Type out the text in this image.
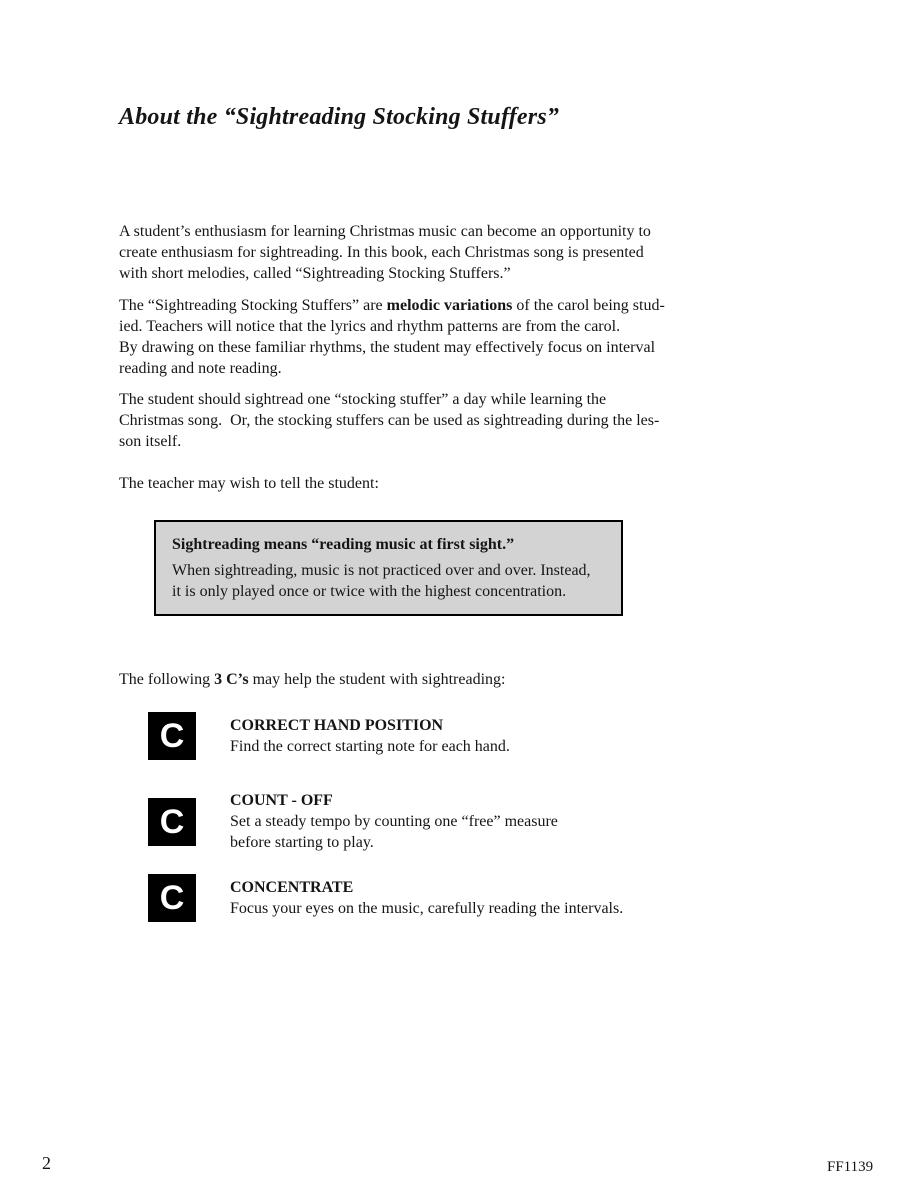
About the “Sightreading Stocking Stuffers”
A student’s enthusiasm for learning Christmas music can become an opportunity to
create enthusiasm for sightreading. In this book, each Christmas song is presented
with short melodies, called “Sightreading Stocking Stuffers.”
The “Sightreading Stocking Stuffers” are melodic variations of the carol being stud-
ied. Teachers will notice that the lyrics and rhythm patterns are from the carol.
By drawing on these familiar rhythms, the student may effectively focus on interval
reading and note reading.
The student should sightread one “stocking stuffer” a day while learning the
Christmas song.  Or, the stocking stuffers can be used as sightreading during the les-
son itself.
The teacher may wish to tell the student:
Sightreading means “reading music at first sight.”
When sightreading, music is not practiced over and over. Instead,
it is only played once or twice with the highest concentration.
The following 3 C’s may help the student with sightreading:
C	CORRECT HAND POSITION
Find the correct starting note for each hand.
C
COUNT - OFF
Set a steady tempo by counting one “free” measure
before starting to play.
C	CONCENTRATE
Focus your eyes on the music, carefully reading the intervals.
2	FF1139
